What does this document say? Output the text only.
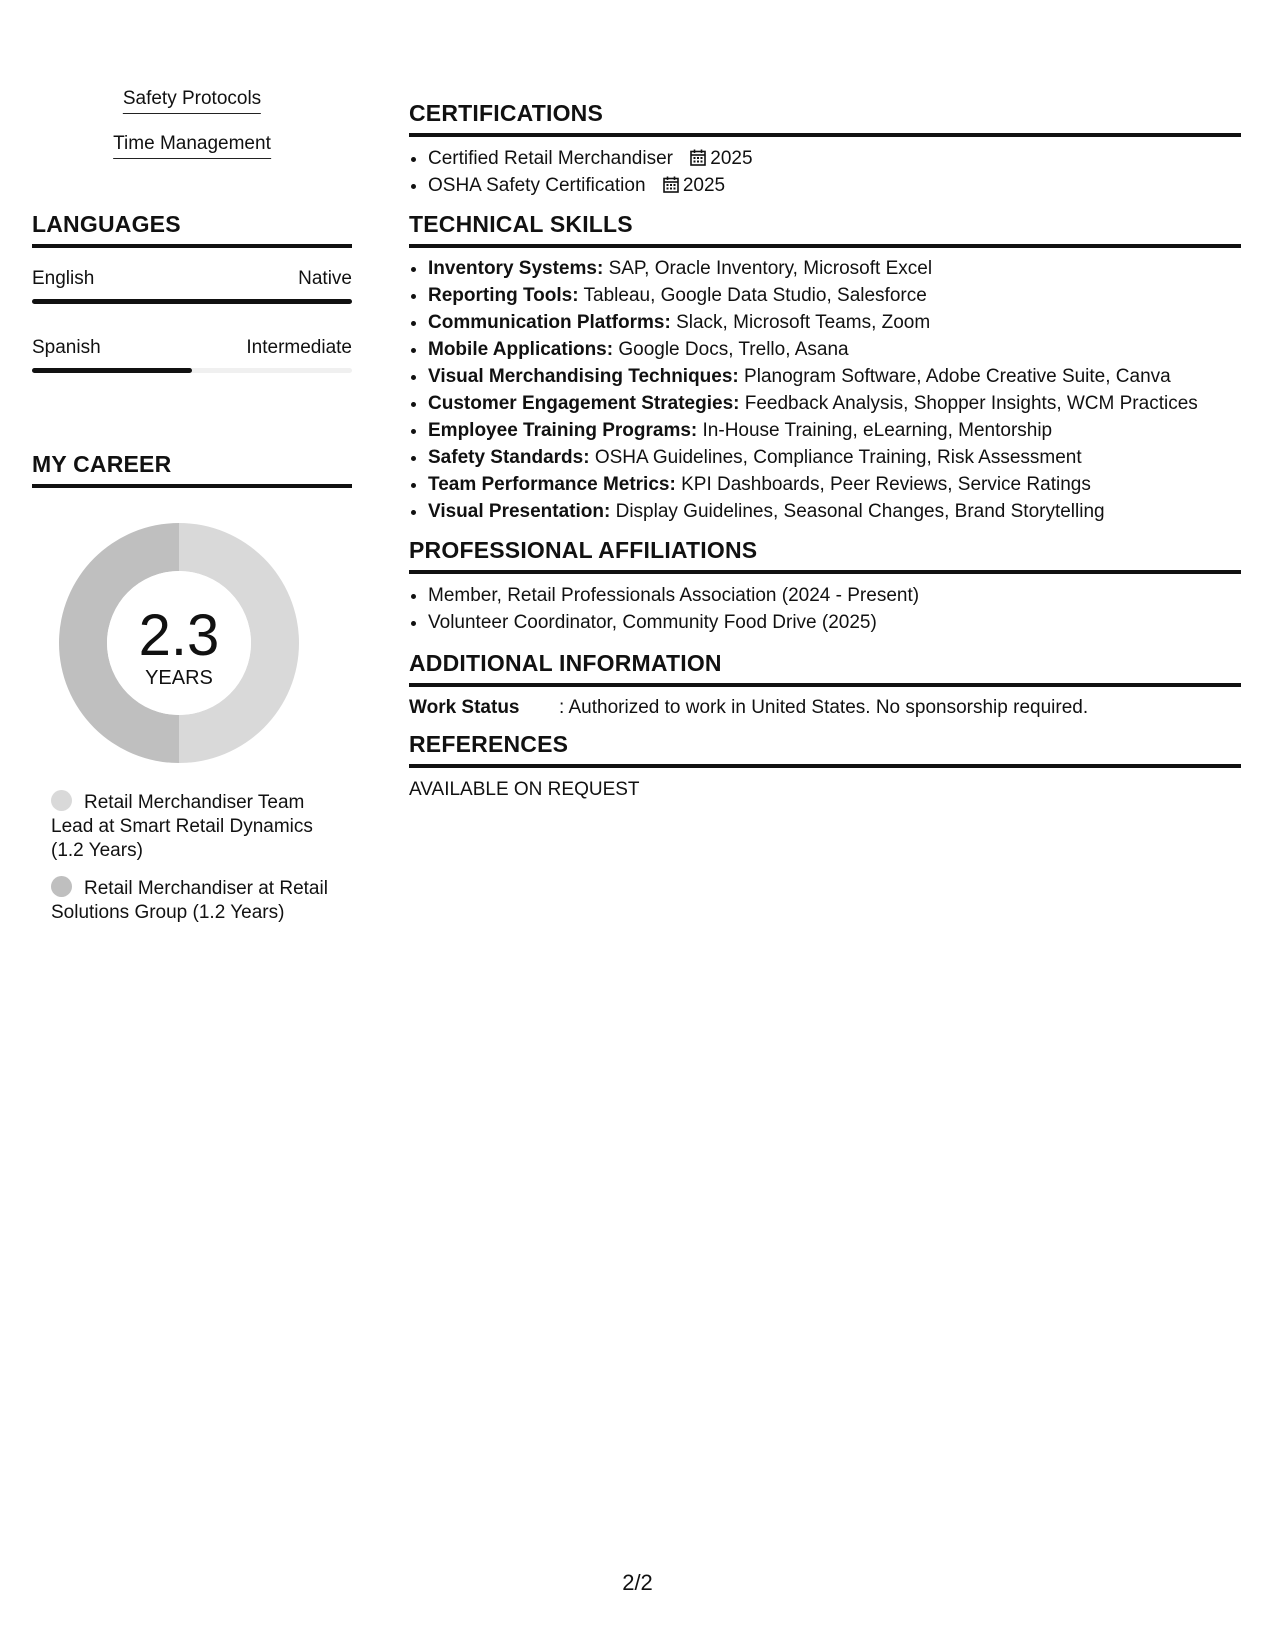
Safety Protocols
Time Management
LANGUAGES
English	Native
Spanish	Intermediate
MY CAREER
2.3
YEARS
Retail Merchandiser Team Lead at Smart Retail Dynamics (1.2 Years)
Retail Merchandiser at Retail Solutions Group (1.2 Years)
CERTIFICATIONS
• Certified Retail Merchandiser 2025
• OSHA Safety Certification 2025
TECHNICAL SKILLS
• Inventory Systems: SAP, Oracle Inventory, Microsoft Excel
• Reporting Tools: Tableau, Google Data Studio, Salesforce
• Communication Platforms: Slack, Microsoft Teams, Zoom
• Mobile Applications: Google Docs, Trello, Asana
• Visual Merchandising Techniques: Planogram Software, Adobe Creative Suite, Canva
• Customer Engagement Strategies: Feedback Analysis, Shopper Insights, WCM Practices
• Employee Training Programs: In-House Training, eLearning, Mentorship
• Safety Standards: OSHA Guidelines, Compliance Training, Risk Assessment
• Team Performance Metrics: KPI Dashboards, Peer Reviews, Service Ratings
• Visual Presentation: Display Guidelines, Seasonal Changes, Brand Storytelling
PROFESSIONAL AFFILIATIONS
• Member, Retail Professionals Association (2024 - Present)
• Volunteer Coordinator, Community Food Drive (2025)
ADDITIONAL INFORMATION
Work Status	: Authorized to work in United States. No sponsorship required.
REFERENCES
AVAILABLE ON REQUEST
2/2
